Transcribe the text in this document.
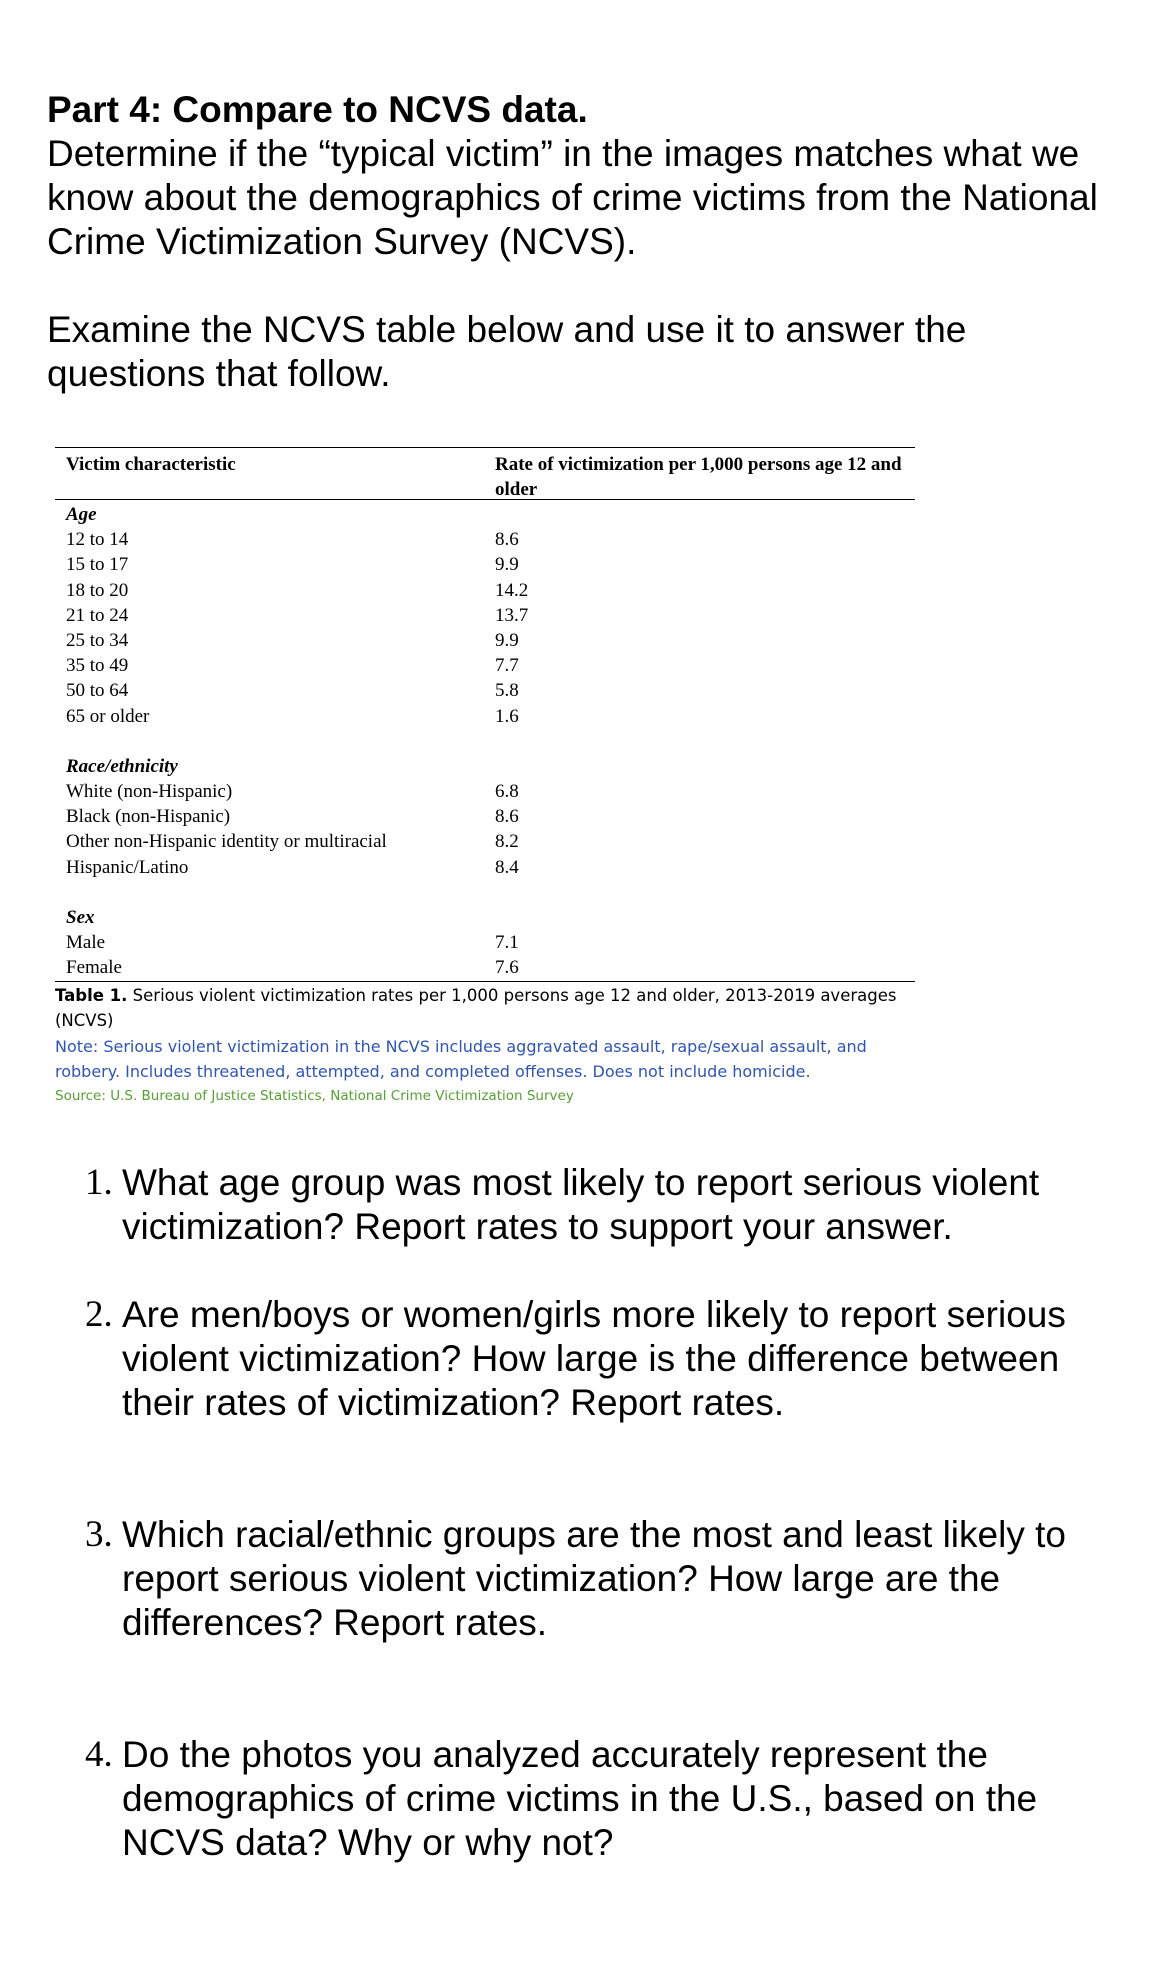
Part 4: Compare to NCVS data.
Determine if the “typical victim” in the images matches what we know about the demographics of crime victims from the National Crime Victimization Survey (NCVS).
Examine the NCVS table below and use it to answer the questions that follow.
Victim characteristic	Rate of victimization per 1,000 persons age 12 and older
Age
12 to 14	8.6
15 to 17	9.9
18 to 20	14.2
21 to 24	13.7
25 to 34	9.9
35 to 49	7.7
50 to 64	5.8
65 or older	1.6
Race/ethnicity
White (non-Hispanic)	6.8
Black (non-Hispanic)	8.6
Other non-Hispanic identity or multiracial	8.2
Hispanic/Latino	8.4
Sex
Male	7.1
Female	7.6
Table 1. Serious violent victimization rates per 1,000 persons age 12 and older, 2013-2019 averages (NCVS)
Note: Serious violent victimization in the NCVS includes aggravated assault, rape/sexual assault, and robbery. Includes threatened, attempted, and completed offenses. Does not include homicide.
Source: U.S. Bureau of Justice Statistics, National Crime Victimization Survey
1. What age group was most likely to report serious violent victimization? Report rates to support your answer.
2. Are men/boys or women/girls more likely to report serious violent victimization? How large is the difference between their rates of victimization? Report rates.
3. Which racial/ethnic groups are the most and least likely to report serious violent victimization? How large are the differences? Report rates.
4. Do the photos you analyzed accurately represent the demographics of crime victims in the U.S., based on the NCVS data? Why or why not?
